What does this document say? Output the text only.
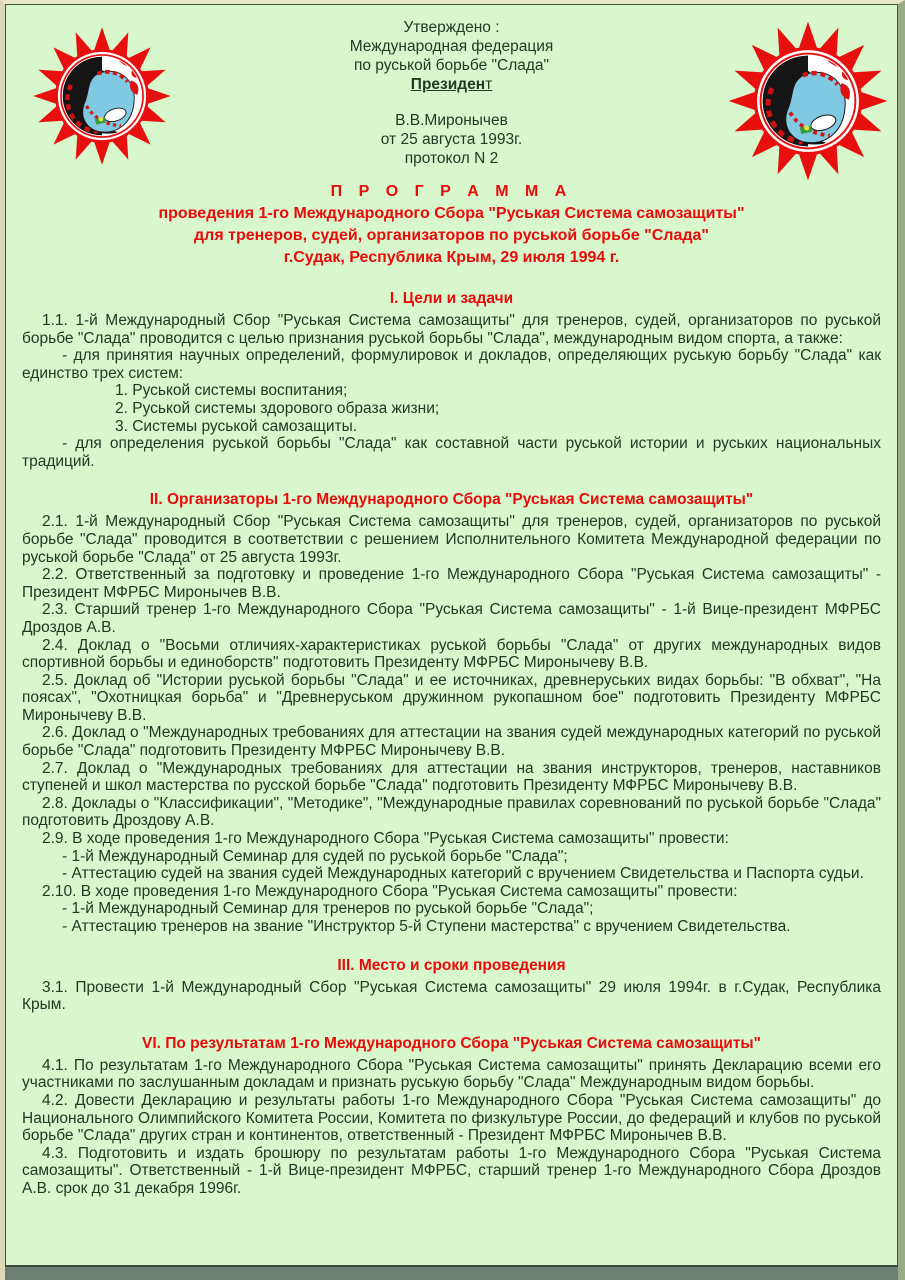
Утверждено :
Международная федерация
по руськой борьбе "Слада"
Президент
В.В.Миронычев
от 25 августа 1993г.
протокол N 2
П Р О Г Р А М М А
проведения 1-го Международного Сбора "Руськая Система самозащиты"
для тренеров, судей, организаторов по руськой борьбе "Слада"
г.Судак, Республика Крым, 29 июля 1994 г.
I. Цели и задачи
1.1. 1-й Международный Сбор "Руськая Система самозащиты" для тренеров, судей, организаторов по руськой борьбе "Слада" проводится с целью признания руськой борьбы "Слада", международным видом спорта, а также:
- для принятия научных определений, формулировок и докладов, определяющих руськую борьбу "Слада" как единство трех систем:
1. Руськой системы воспитания;
2. Руськой системы здорового образа жизни;
3. Системы руськой самозащиты.
- для определения руськой борьбы "Слада" как составной части руськой истории и руських национальных традиций.
II. Организаторы 1-го Международного Сбора "Руськая Система самозащиты"
2.1. 1-й Международный Сбор "Руськая Система самозащиты" для тренеров, судей, организаторов по руськой борьбе "Слада" проводится в соответствии с решением Исполнительного Комитета Международной федерации по руськой борьбе "Слада" от 25 августа 1993г.
2.2. Ответственный за подготовку и проведение 1-го Международного Сбора "Руськая Система самозащиты" - Президент МФРБС Миронычев В.В.
2.3. Старший тренер 1-го Международного Сбора "Руськая Система самозащиты" - 1-й Вице-президент МФРБС Дроздов А.В.
2.4. Доклад о "Восьми отличиях-характеристиках руськой борьбы "Слада" от других международных видов спортивной борьбы и единоборств" подготовить Президенту МФРБС Миронычеву В.В.
2.5. Доклад об "Истории руськой борьбы "Слада" и ее источниках, древнеруських видах борьбы: "В обхват", "На поясах", "Охотницкая борьба" и "Древнеруськом дружинном рукопашном бое" подготовить Президенту МФРБС Миронычеву В.В.
2.6. Доклад о "Международных требованиях для аттестации на звания судей международных категорий по руськой борьбе "Слада" подготовить Президенту МФРБС Миронычеву В.В.
2.7. Доклад о "Международных требованиях для аттестации на звания инструкторов, тренеров, наставников ступеней и школ мастерства по русской борьбе "Слада" подготовить Президенту МФРБС Миронычеву В.В.
2.8. Доклады о "Классификации", "Методике", "Международные правилах соревнований по руськой борьбе "Слада" подготовить Дроздову А.В.
2.9. В ходе проведения 1-го Международного Сбора "Руськая Система самозащиты" провести:
- 1-й Международный Семинар для судей по руськой борьбе "Слада";
- Аттестацию судей на звания судей Международных категорий с вручением Свидетельства и Паспорта судьи.
2.10. В ходе проведения 1-го Международного Сбора "Руськая Система самозащиты" провести:
- 1-й Международный Семинар для тренеров по руськой борьбе "Слада";
- Аттестацию тренеров на звание "Инструктор 5-й Ступени мастерства" с вручением Свидетельства.
III. Место и сроки проведения
3.1. Провести 1-й Международный Сбор "Руськая Система самозащиты" 29 июля 1994г. в г.Судак, Республика Крым.
VI. По результатам 1-го Международного Сбора "Руськая Система самозащиты"
4.1. По результатам 1-го Международного Сбора "Руськая Система самозащиты" принять Декларацию всеми его участниками по заслушанным докладам и признать руськую борьбу "Слада" Международным видом борьбы.
4.2. Довести Декларацию и результаты работы 1-го Международного Сбора "Руськая Система самозащиты" до Национального Олимпийского Комитета России, Комитета по физкультуре России, до федераций и клубов по руськой борьбе "Слада" других стран и континентов, ответственный - Президент МФРБС Миронычев В.В.
4.3. Подготовить и издать брошюру по результатам работы 1-го Международного Сбора "Руськая Система самозащиты". Ответственный - 1-й Вице-президент МФРБС, старший тренер 1-го Международного Сбора Дроздов А.В. срок до 31 декабря 1996г.
